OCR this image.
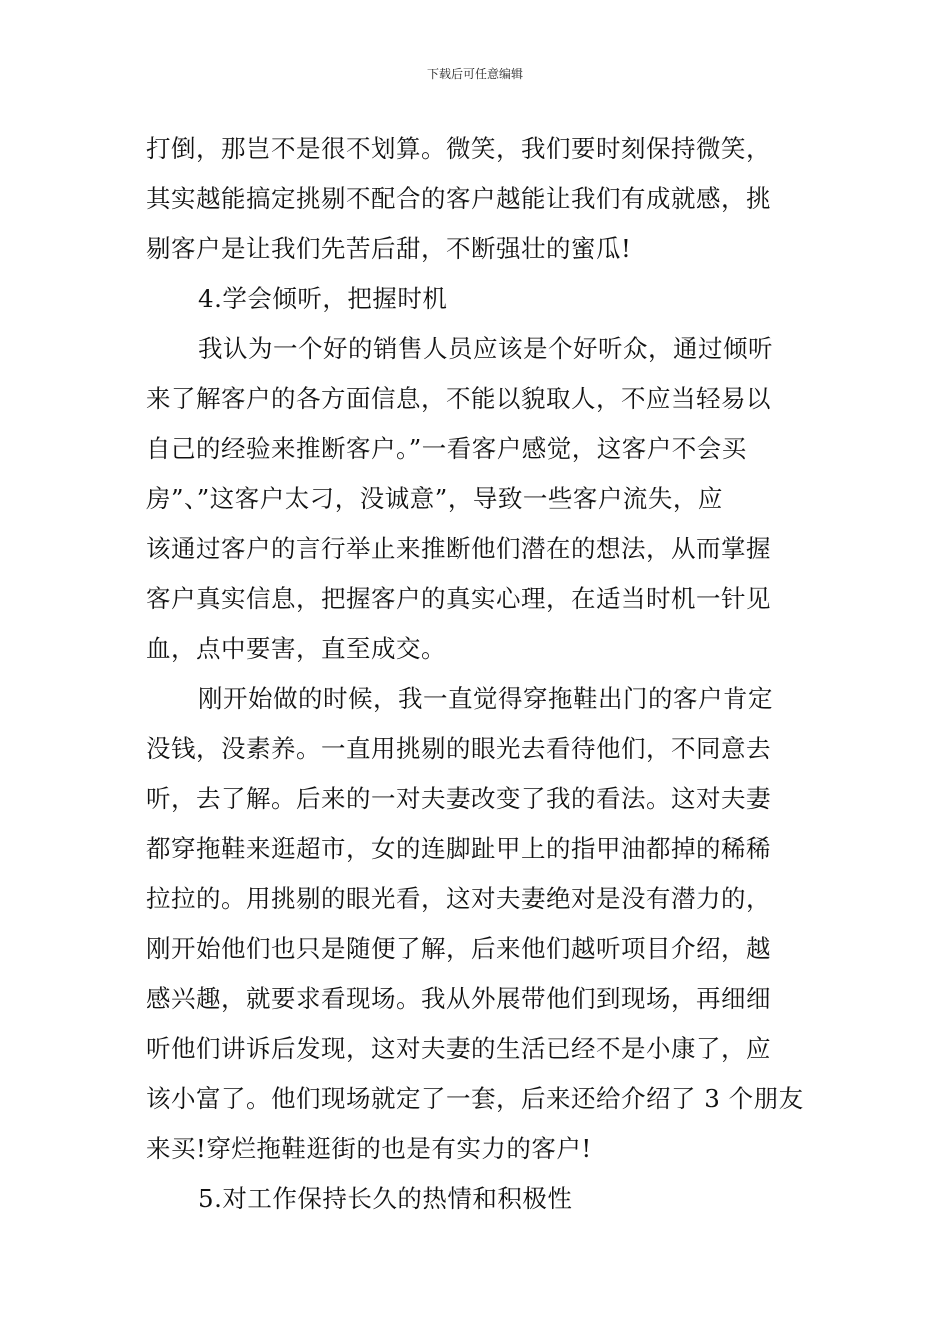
下载后可任意编辑
打倒，那岂不是很不划算。微笑，我们要时刻保持微笑，
其实越能搞定挑剔不配合的客户越能让我们有成就感，挑
剔客户是让我们先苦后甜，不断强壮的蜜瓜!
4.学会倾听，把握时机
我认为一个好的销售人员应该是个好听众，通过倾听
来了解客户的各方面信息，不能以貌取人，不应当轻易以
自己的经验来推断客户。”一看客户感觉，这客户不会买
房”、”这客户太刁，没诚意”，导致一些客户流失，应
该通过客户的言行举止来推断他们潜在的想法，从而掌握
客户真实信息，把握客户的真实心理，在适当时机一针见
血，点中要害，直至成交。
刚开始做的时候，我一直觉得穿拖鞋出门的客户肯定
没钱，没素养。一直用挑剔的眼光去看待他们，不同意去
听，去了解。后来的一对夫妻改变了我的看法。这对夫妻
都穿拖鞋来逛超市，女的连脚趾甲上的指甲油都掉的稀稀
拉拉的。用挑剔的眼光看，这对夫妻绝对是没有潜力的，
刚开始他们也只是随便了解，后来他们越听项目介绍，越
感兴趣，就要求看现场。我从外展带他们到现场，再细细
听他们讲诉后发现，这对夫妻的生活已经不是小康了，应
该小富了。他们现场就定了一套，后来还给介绍了 3 个朋友
来买!穿烂拖鞋逛街的也是有实力的客户!
5.对工作保持长久的热情和积极性
